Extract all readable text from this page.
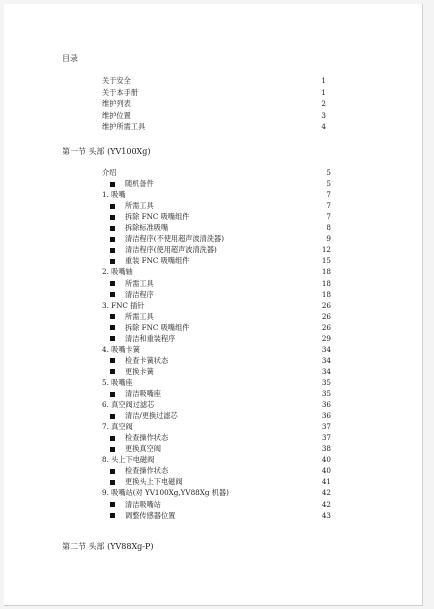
目录
关于安全	1
关于本手册	1
维护列表	2
维护位置	3
维护所需工具	4
第一节 头部 (YV100Xg)
介绍	5
随机备件	5
1. 吸嘴	7
所需工具	7
拆除 FNC 吸嘴组件	7
拆除标准吸嘴	8
清洁程序(不使用超声波清洗器)	9
清洁程序(使用超声波清洗器)	12
重装 FNC 吸嘴组件	15
2. 吸嘴轴	18
所需工具	18
清洁程序	18
3. FNC 插针	26
所需工具	26
拆除 FNC 吸嘴组件	26
清洁和重装程序	29
4. 吸嘴卡簧	34
检查卡簧状态	34
更换卡簧	34
5. 吸嘴座	35
清洁吸嘴座	35
6. 真空阀过滤芯	36
清洁/更换过滤芯	36
7. 真空阀	37
检查操作状态	37
更换真空阀	38
8. 头上下电磁阀	40
检查操作状态	40
更换头上下电磁阀	41
9. 吸嘴站(对 YV100Xg,YV88Xg 机器)	42
清洁吸嘴站	42
调整传感器位置	43
第二节 头部 (YV88Xg-P)
